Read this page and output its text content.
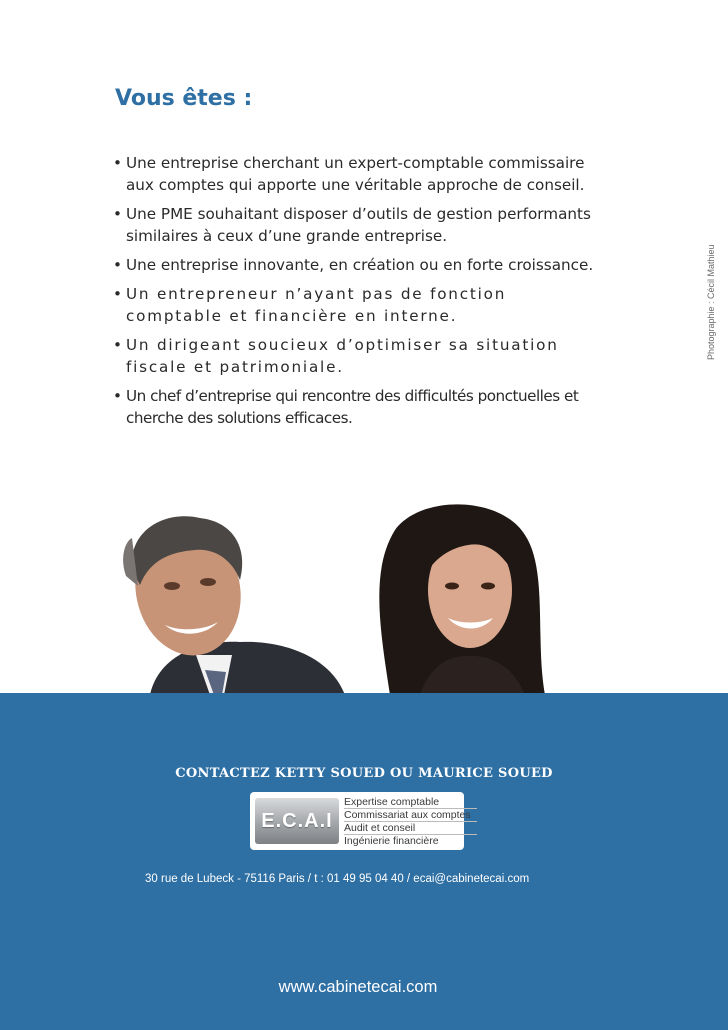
Vous êtes :
• Une entreprise cherchant un expert-comptable commissaire aux comptes qui apporte une véritable approche de conseil.
• Une PME souhaitant disposer d’outils de gestion performants similaires à ceux d’une grande entreprise.
• Une entreprise innovante, en création ou en forte croissance.
• Un entrepreneur n’ayant pas de fonction comptable et financière en interne.
• Un dirigeant soucieux d’optimiser sa situation fiscale et patrimoniale.
• Un chef d’entreprise qui rencontre des difficultés ponctuelles et cherche des solutions efficaces.
Photographie : Cécil Mathieu
CONTACTEZ KETTY SOUED OU MAURICE SOUED
E.C.A.I
Expertise comptable
Commissariat aux comptes
Audit et conseil
Ingénierie financière
30 rue de Lubeck - 75116 Paris / t : 01 49 95 04 40 / ecai@cabinetecai.com
www.cabinetecai.com
